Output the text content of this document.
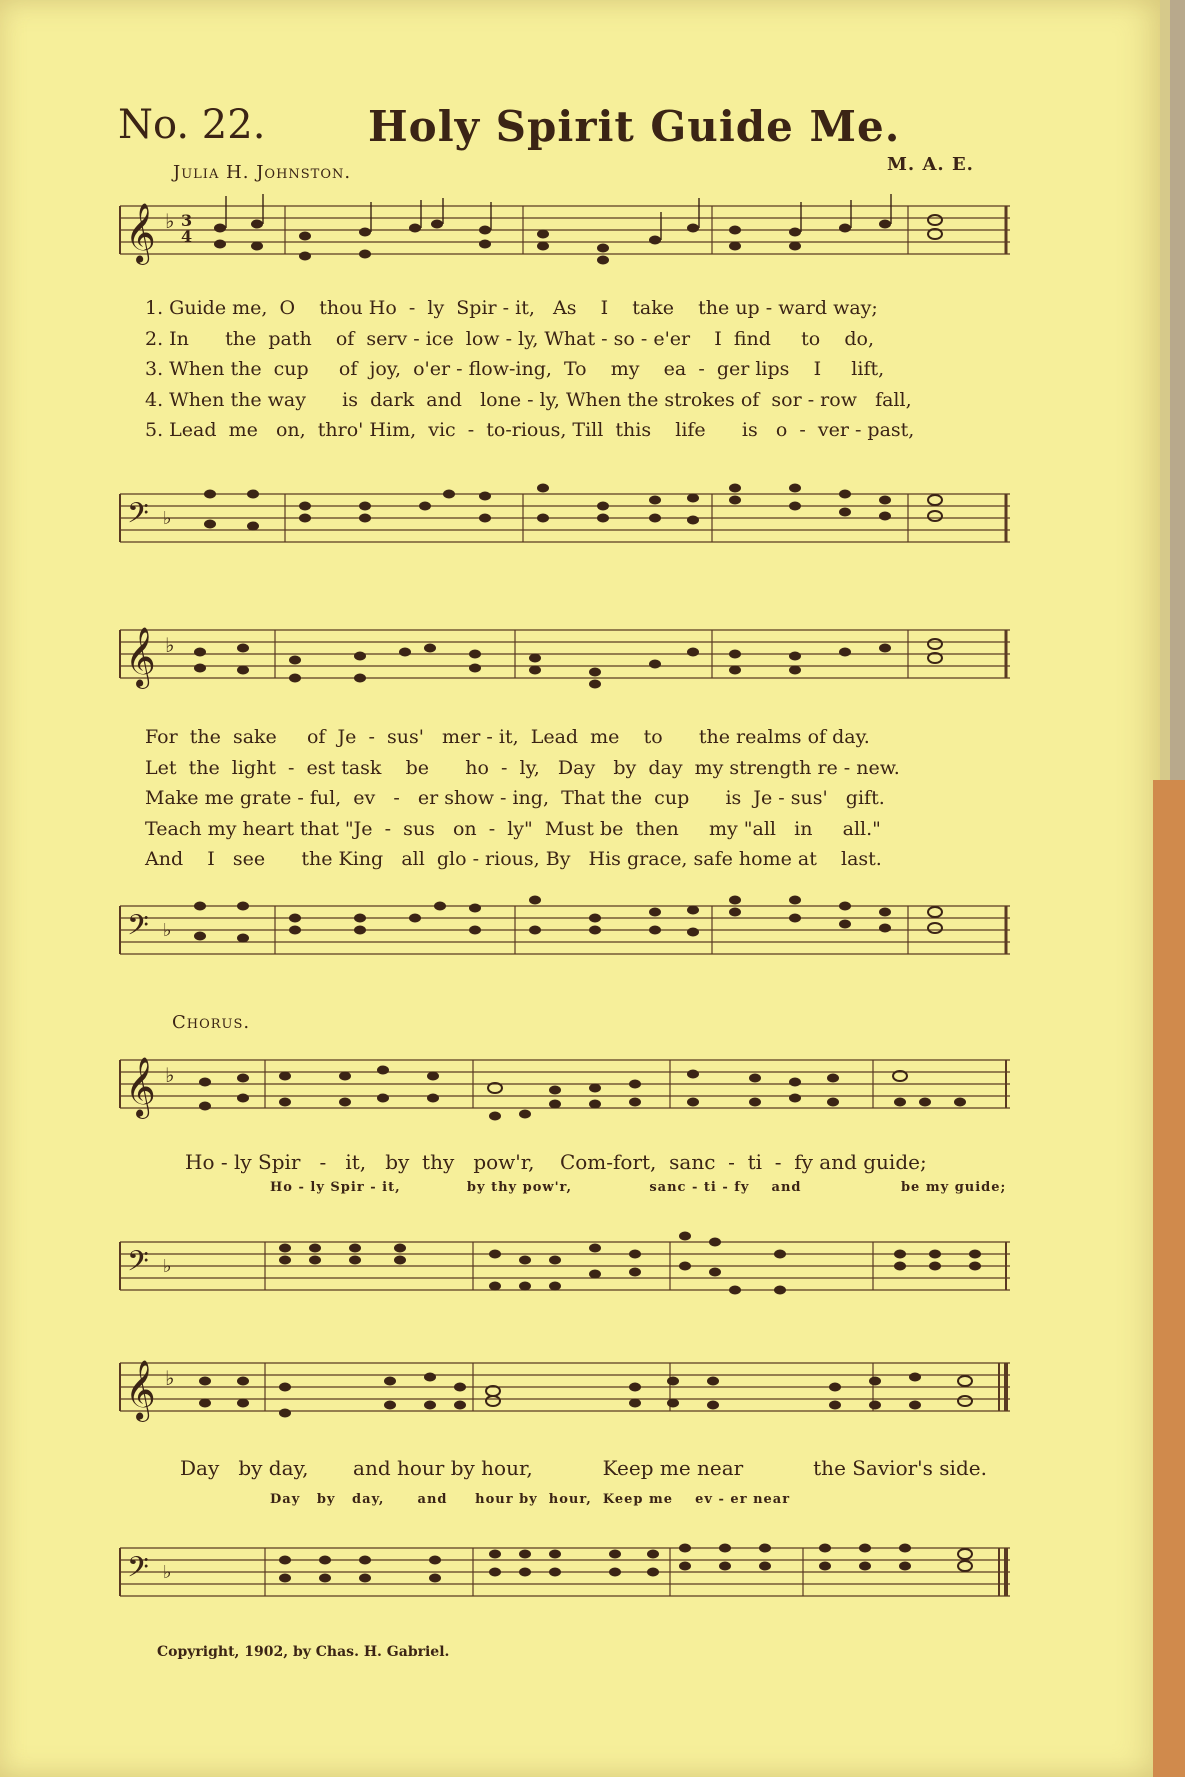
No. 22. Holy Spirit Guide Me.
Julia H. Johnston.	M. A. E.
𝄞 ♭ 3
4
1. Guide me,  O    thou Ho  -  ly  Spir - it,   As    I    take    the up - ward way;
2. In      the  path    of  serv - ice  low - ly, What - so - e'er    I  find     to    do,
3. When the  cup     of  joy,  o'er - flow-ing,  To    my    ea  -  ger lips    I     lift,
4. When the way      is  dark  and   lone - ly, When the strokes of  sor - row   fall,
5. Lead  me   on,  thro' Him,  vic  -  to-rious, Till  this    life      is   o  -  ver - past,
𝄢 ♭
𝄞 ♭
For  the  sake     of  Je  -  sus'   mer - it,  Lead  me    to      the realms of day.
Let  the  light  -  est task    be      ho  -  ly,   Day   by  day  my strength re - new.
Make me grate - ful,  ev   -   er show - ing,  That the  cup      is  Je - sus'   gift.
Teach my heart that "Je  -  sus   on  -  ly"  Must be  then     my "all   in     all."
And    I   see      the King   all  glo - rious, By   His grace, safe home at    last.
𝄢 ♭
Chorus.
𝄞 ♭
Ho - ly Spir   -   it,   by  thy   pow'r,    Com-fort,  sanc  -  ti  -  fy and guide;
Ho - ly Spir - it,            by thy pow'r,              sanc - ti - fy    and                  be my guide;
𝄢 ♭
𝄞 ♭
Day   by day,       and hour by hour,           Keep me near           the Savior's side.
Day   by   day,      and     hour by  hour,  Keep me    ev - er near
𝄢 ♭
Copyright, 1902, by Chas. H. Gabriel.
